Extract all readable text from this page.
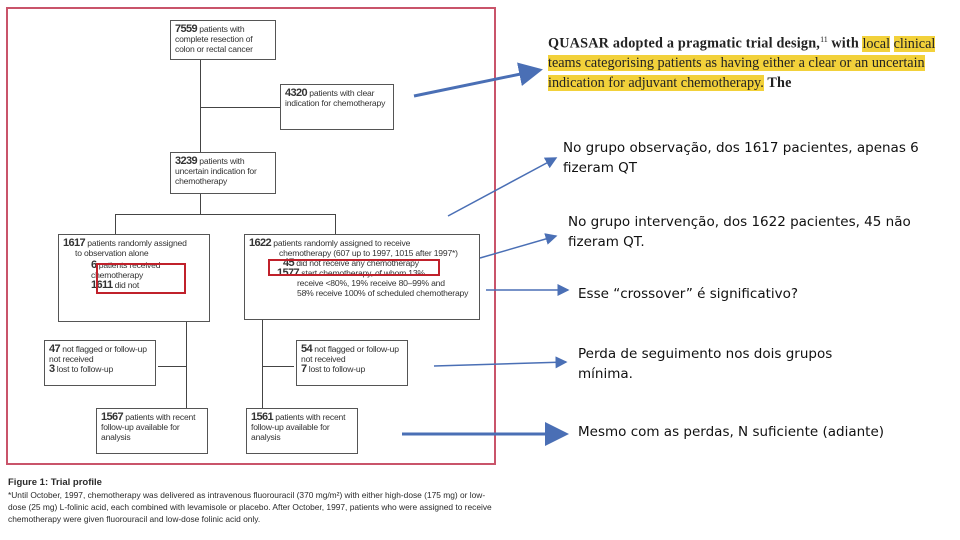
7559 patients with complete resection of colon or rectal cancer
4320 patients with clear indication for chemotherapy
3239 patients with uncertain indication for chemotherapy
1617 patients randomly assigned
to observation alone
6 patients received chemotherapy
1611 did not
1622 patients randomly assigned to receive
chemotherapy (607 up to 1997, 1015 after 1997*)
45 did not receive any chemotherapy
1577 start chemotherapy, of whom 13%
receive <80%, 19% receive 80–99% and
58% receive 100% of scheduled chemotherapy
47 not flagged or follow-up not received
3 lost to follow-up
54 not flagged or follow-up not received
7 lost to follow-up
1567 patients with recent follow-up available for analysis
1561 patients with recent follow-up available for analysis
Figure 1: Trial profile
*Until October, 1997, chemotherapy was delivered as intravenous fluorouracil (370 mg/m²) with either high-dose (175 mg) or low-dose (25 mg) L-folinic acid, each combined with levamisole or placebo. After October, 1997, patients who were assigned to receive chemotherapy were given fluorouracil and low-dose folinic acid only.
QUASAR adopted a pragmatic trial design,$^{11}$ with local clinical teams categorising patients as having either a clear or an uncertain indication for adjuvant chemotherapy. The
No grupo observação, dos 1617 pacientes, apenas 6 fizeram QT
No grupo intervenção, dos 1622 pacientes, 45 não fizeram QT.
Esse “crossover” é significativo?
Perda de seguimento nos dois grupos mínima.
Mesmo com as perdas, N suficiente (adiante)
